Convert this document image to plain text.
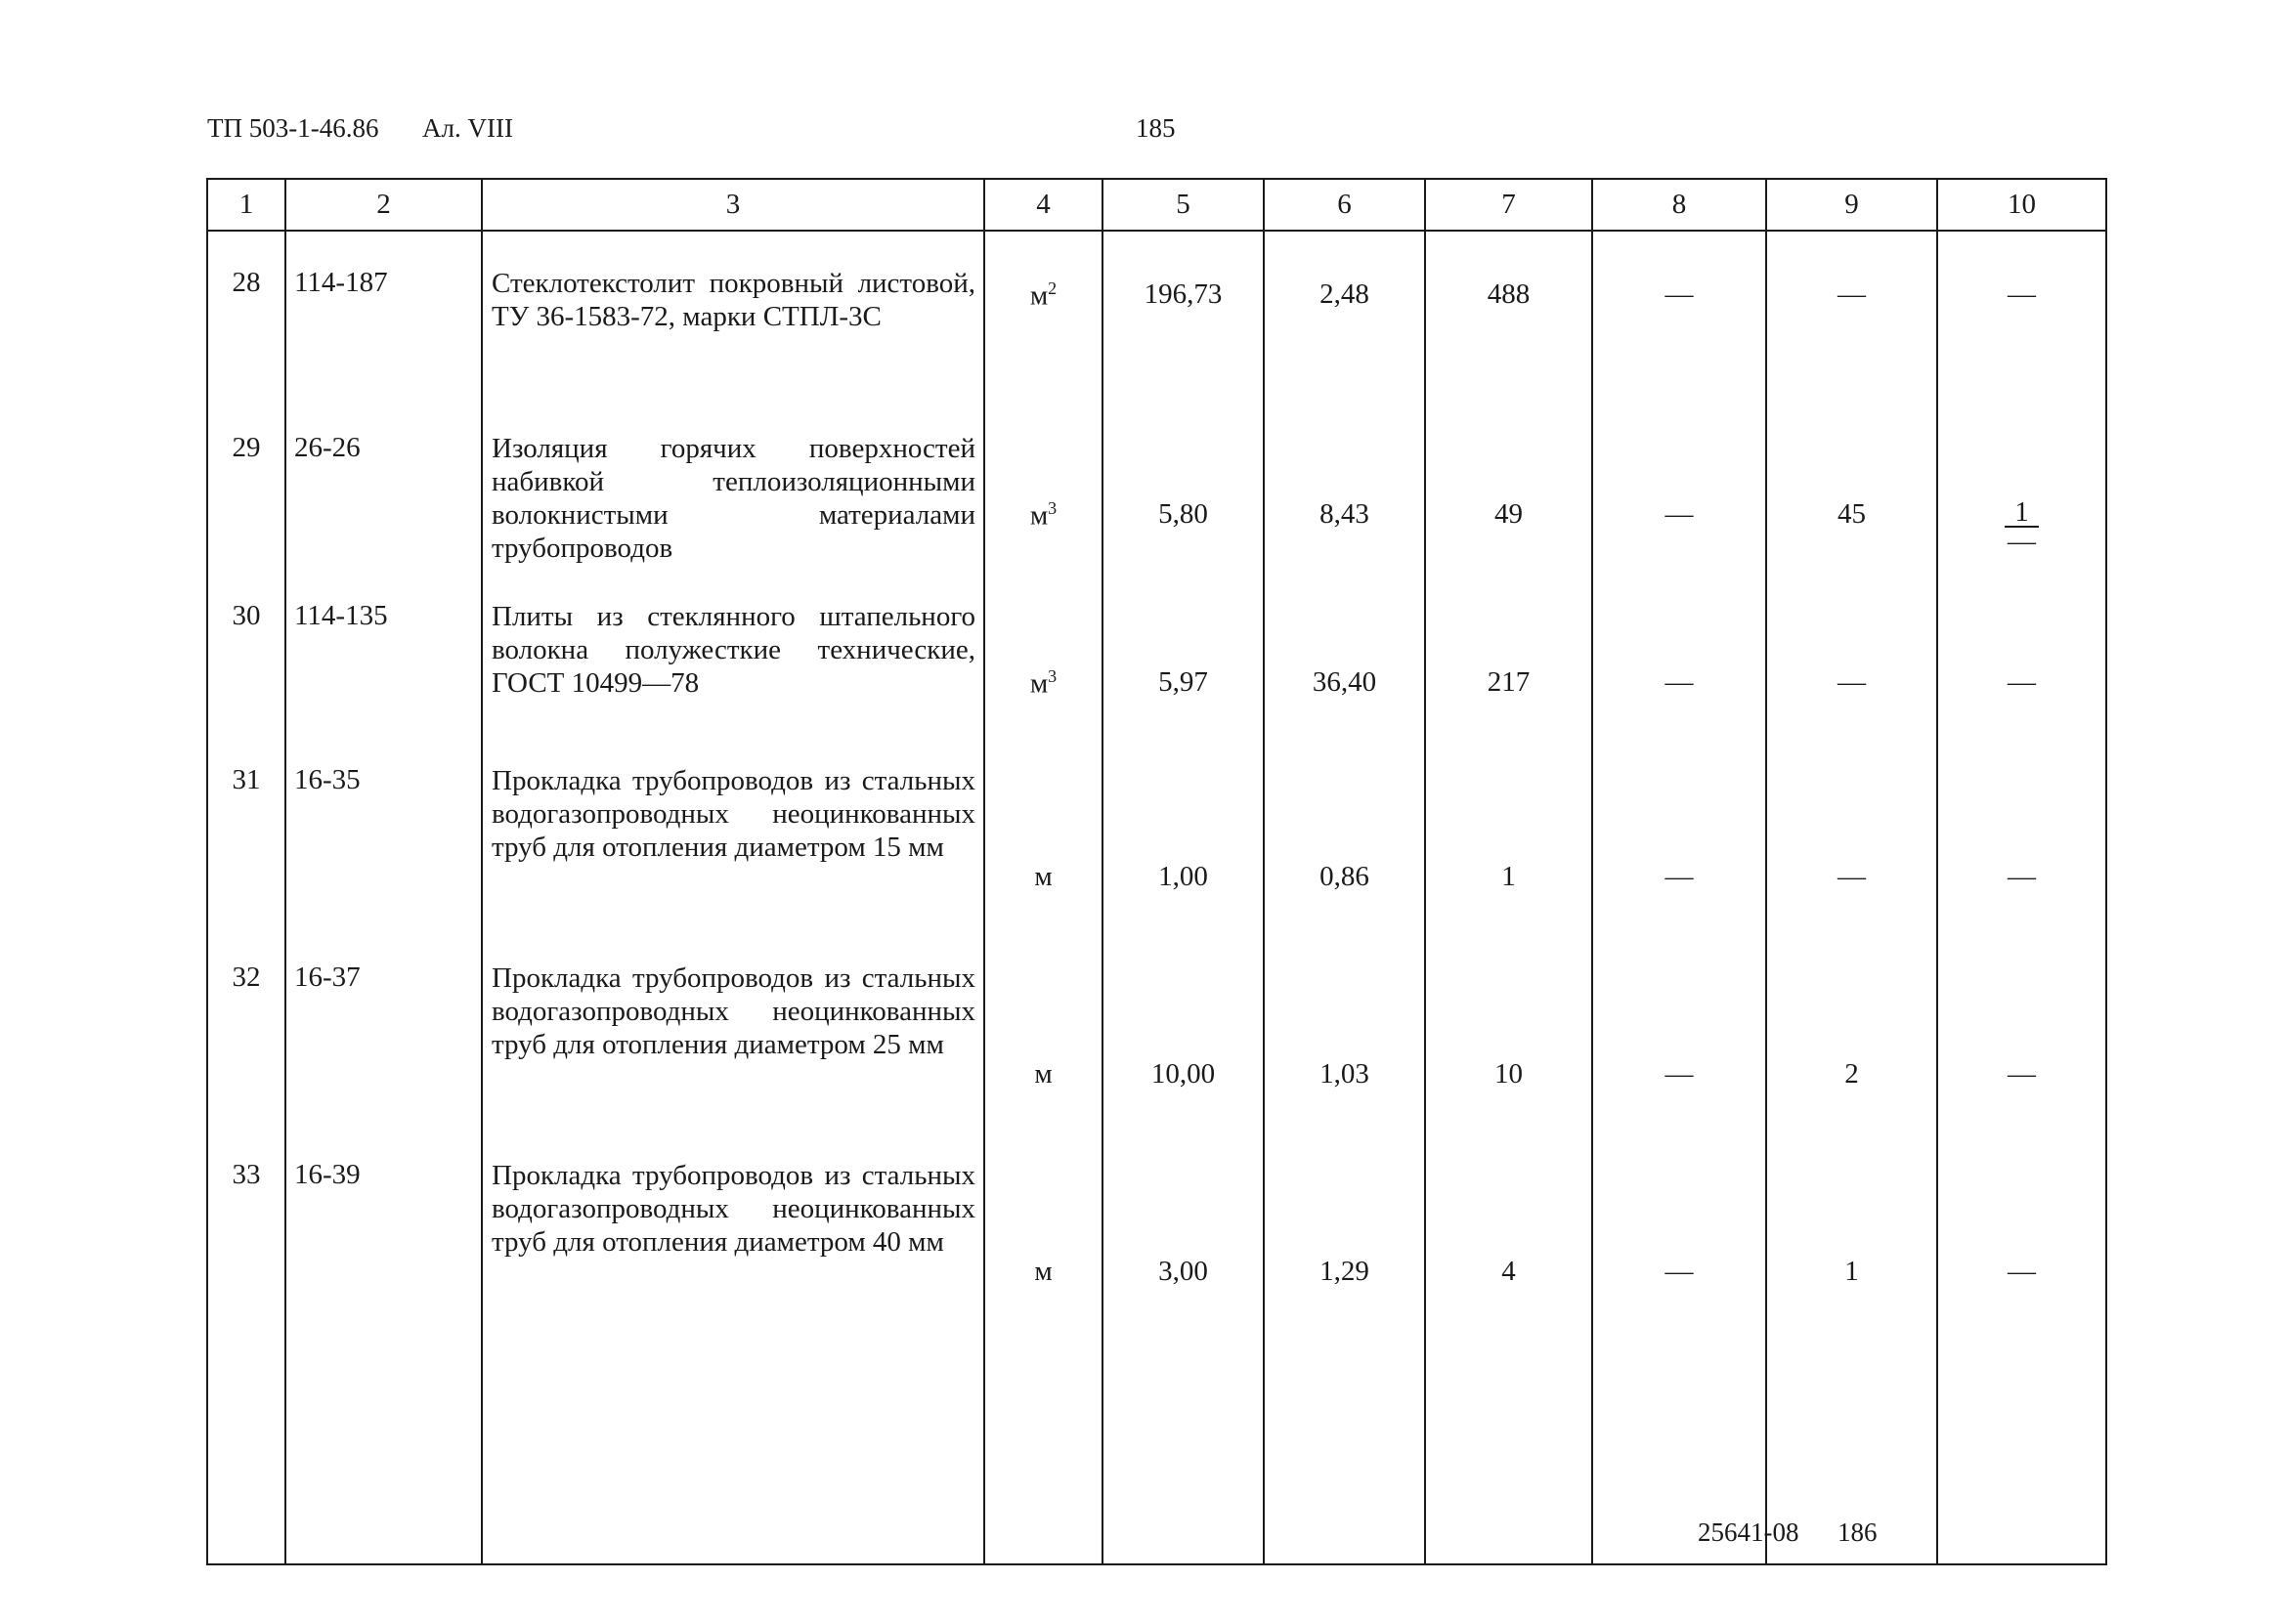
ТП 503-1-46.86 Ал. VIII	185
1	2	3	4	5	6	7	8	9	10

28	114-187	Стеклотекстолит покровный листовой, ТУ 36-1583-72, марки СТПЛ-3С	$м^2$	196,73	2,48	488	—	—	—

29	26-26	Изоляция горячих поверхностей набивкой теплоизоляционными волокнистыми материалами трубопроводов	$м^3$	5,80	8,43	49	—	45	$\frac{1}{—}$

30	114-135	Плиты из стеклянного штапельного волокна полужесткие технические, ГОСТ 10499—78	$м^3$	5,97	36,40	217	—	—	—

31	16-35	Прокладка трубопроводов из стальных водогазопроводных неоцинкованных труб для отопления диаметром 15 мм	м	1,00	0,86	1	—	—	—

32	16-37	Прокладка трубопроводов из стальных водогазопроводных неоцинкованных труб для отопления диаметром 25 мм	м	10,00	1,03	10	—	2	—

33	16-39	Прокладка трубопроводов из стальных водогазопроводных неоцинкованных труб для отопления диаметром 40 мм	м	3,00	1,29	4	—	1	—

25641-08 186
